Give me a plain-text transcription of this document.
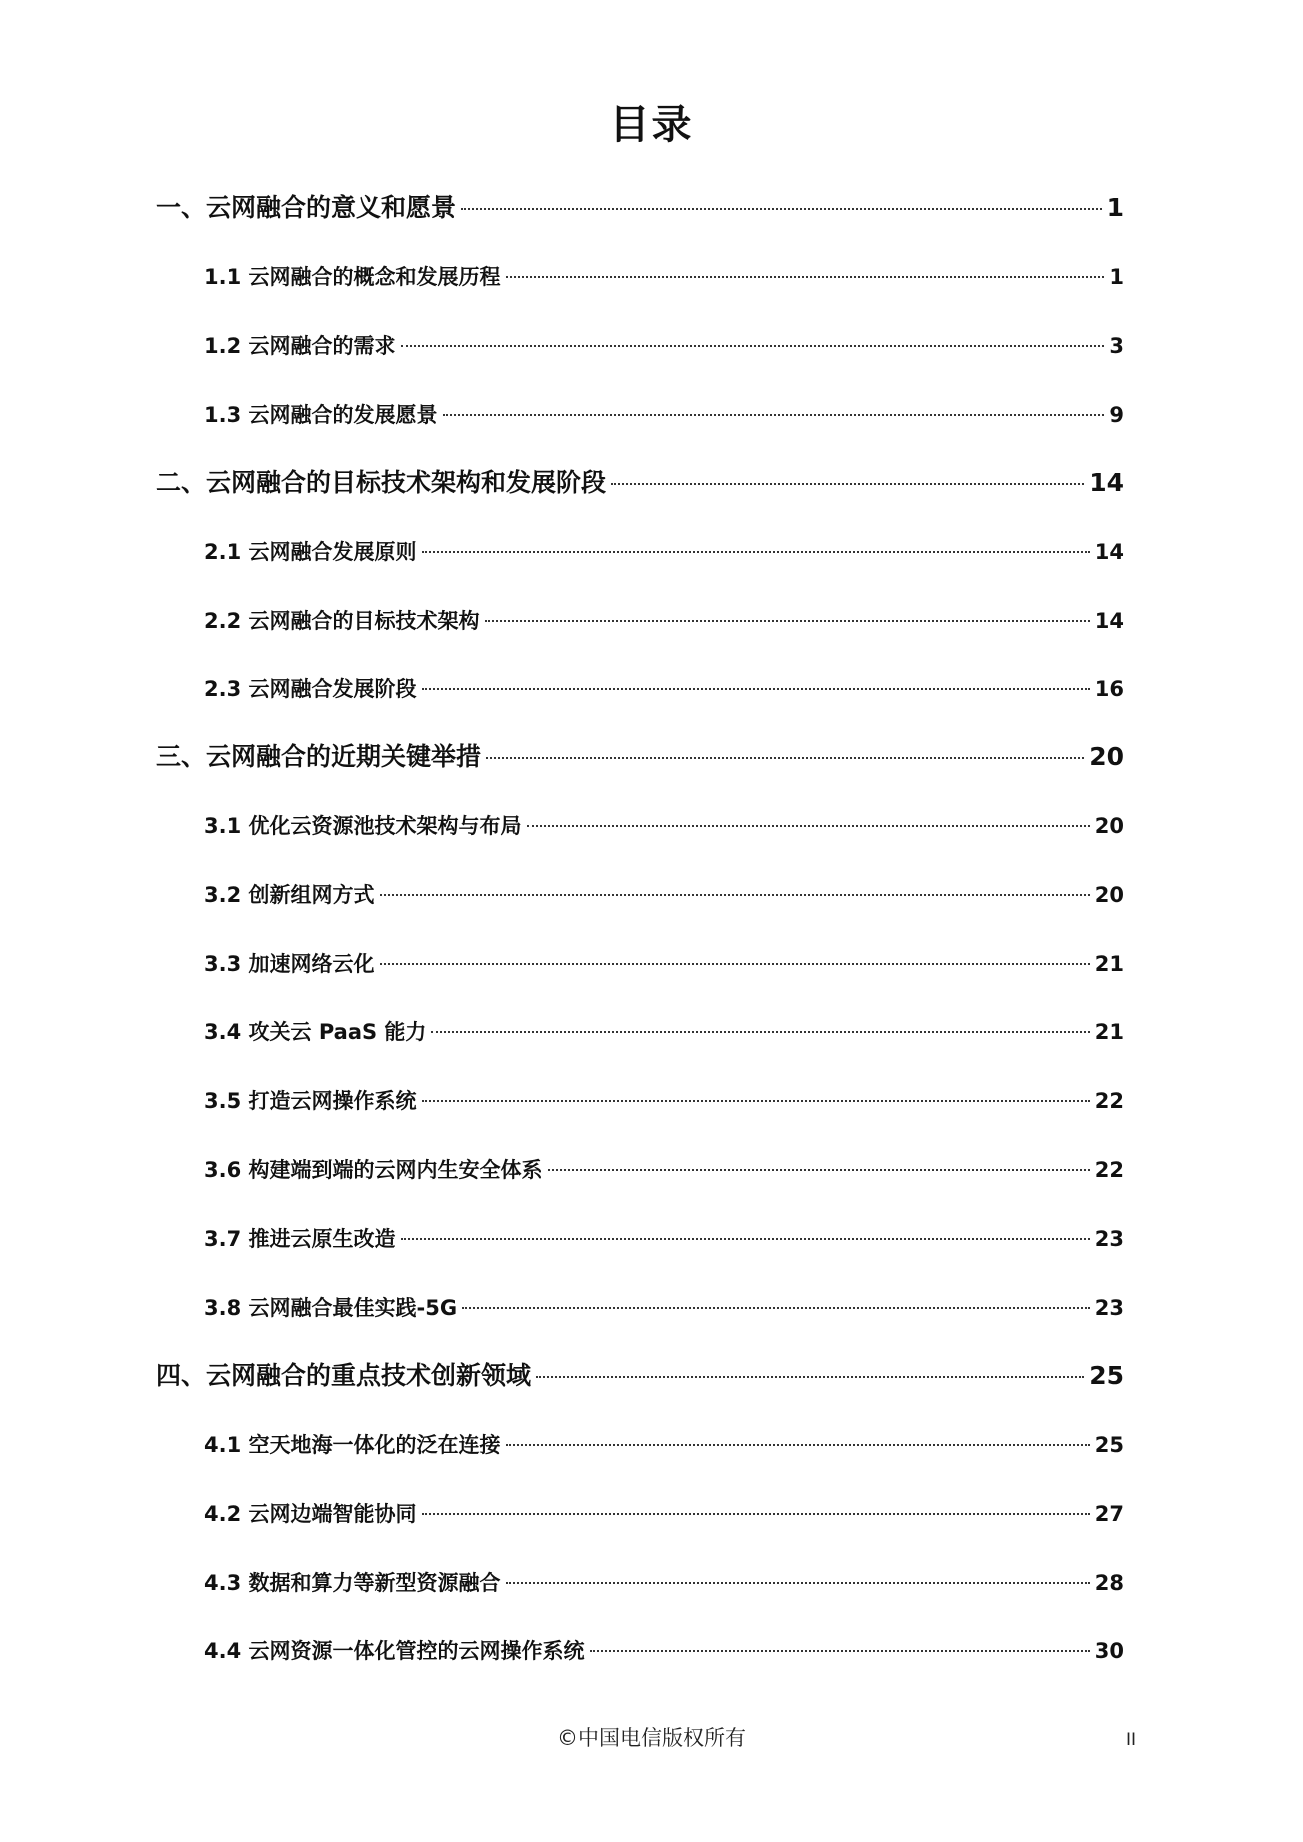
目录
一、云网融合的意义和愿景	1
1.1 云网融合的概念和发展历程	1
1.2 云网融合的需求	3
1.3 云网融合的发展愿景	9
二、云网融合的目标技术架构和发展阶段	14
2.1 云网融合发展原则	14
2.2 云网融合的目标技术架构	14
2.3 云网融合发展阶段	16
三、云网融合的近期关键举措	20
3.1 优化云资源池技术架构与布局	20
3.2 创新组网方式	20
3.3 加速网络云化	21
3.4 攻关云 PaaS 能力	21
3.5 打造云网操作系统	22
3.6 构建端到端的云网内生安全体系	22
3.7 推进云原生改造	23
3.8 云网融合最佳实践-5G	23
四、云网融合的重点技术创新领域	25
4.1 空天地海一体化的泛在连接	25
4.2 云网边端智能协同	27
4.3 数据和算力等新型资源融合	28
4.4 云网资源一体化管控的云网操作系统	30
©中国电信版权所有	II
